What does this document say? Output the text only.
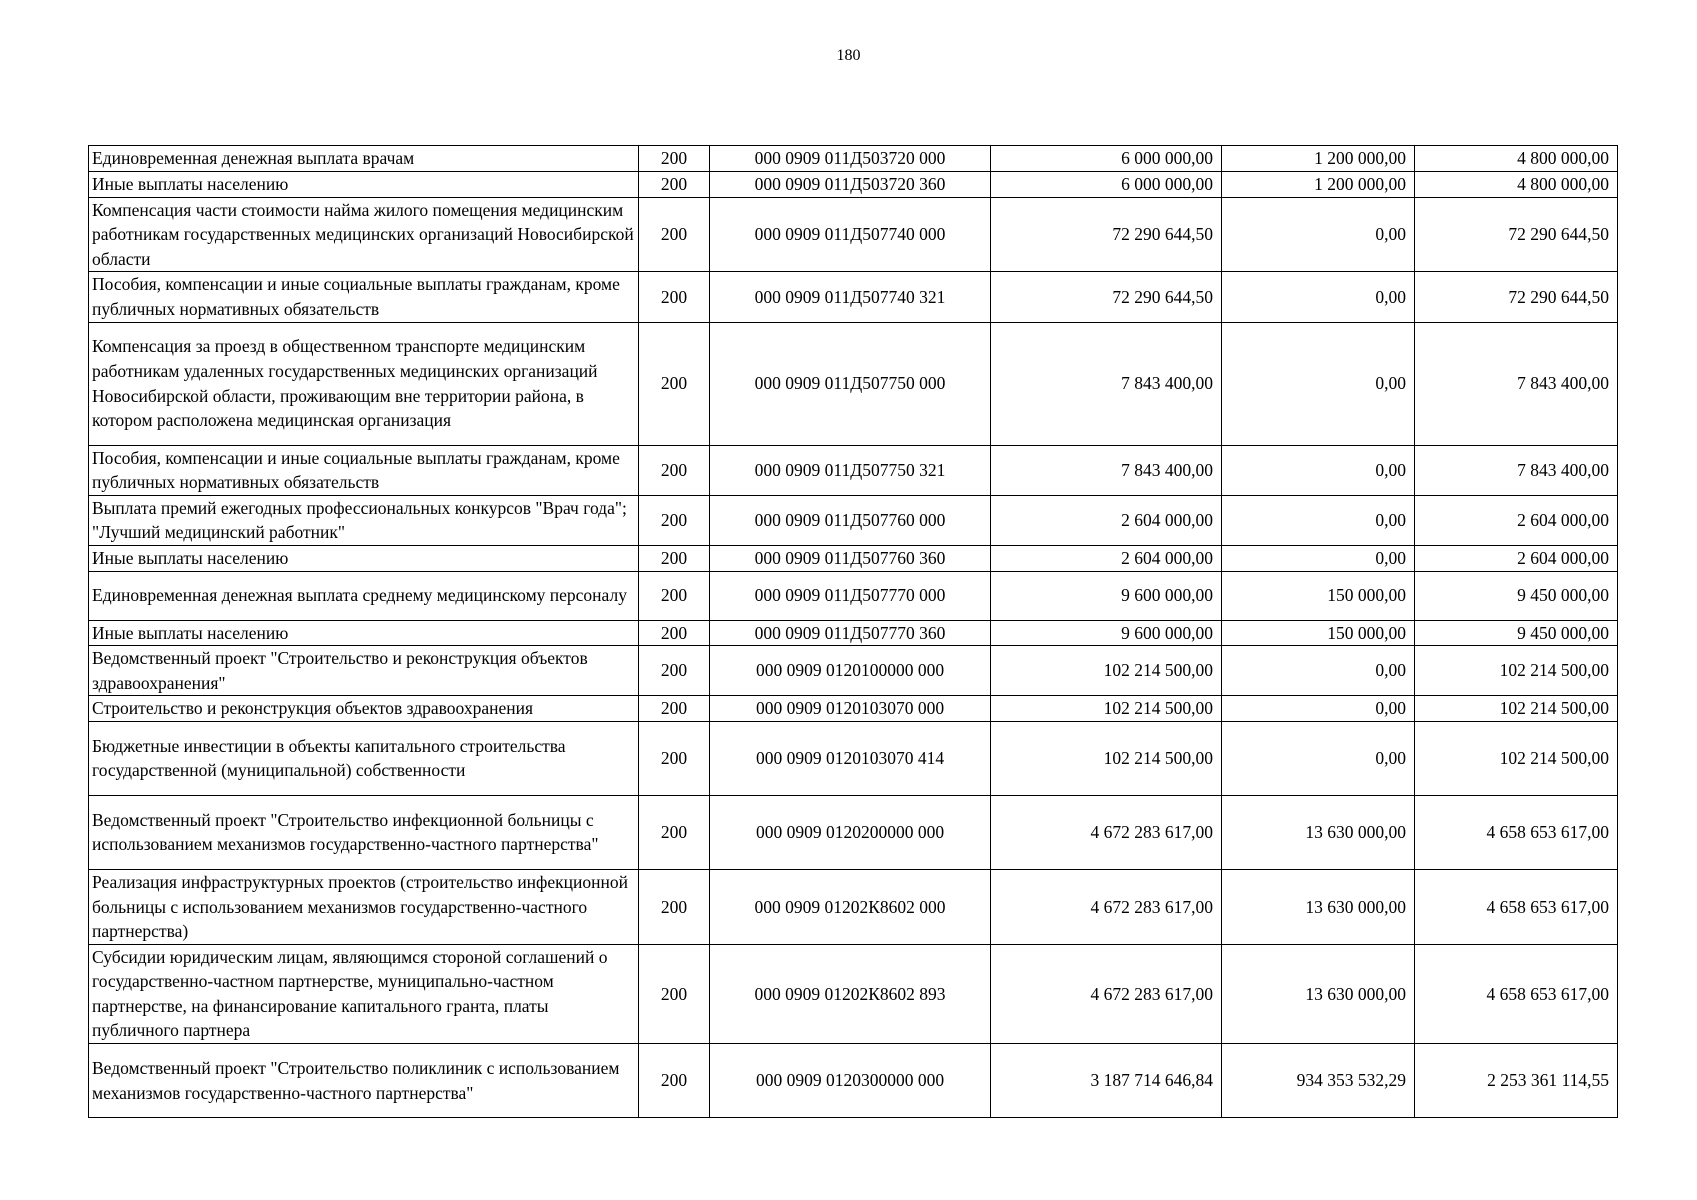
180
Единовременная денежная выплата врачам	200	000 0909 011Д503720 000	6 000 000,00	1 200 000,00	4 800 000,00
Иные выплаты населению	200	000 0909 011Д503720 360	6 000 000,00	1 200 000,00	4 800 000,00
Компенсация части стоимости найма жилого помещения медицинским работникам государственных медицинских организаций Новосибирской области	200	000 0909 011Д507740 000	72 290 644,50	0,00	72 290 644,50
Пособия, компенсации и иные социальные выплаты гражданам, кроме публичных нормативных обязательств	200	000 0909 011Д507740 321	72 290 644,50	0,00	72 290 644,50
Компенсация за проезд в общественном транспорте медицинским работникам удаленных государственных медицинских организаций Новосибирской области, проживающим вне территории района, в котором расположена медицинская организация	200	000 0909 011Д507750 000	7 843 400,00	0,00	7 843 400,00
Пособия, компенсации и иные социальные выплаты гражданам, кроме публичных нормативных обязательств	200	000 0909 011Д507750 321	7 843 400,00	0,00	7 843 400,00
Выплата премий ежегодных профессиональных конкурсов "Врач года"; "Лучший медицинский работник"	200	000 0909 011Д507760 000	2 604 000,00	0,00	2 604 000,00
Иные выплаты населению	200	000 0909 011Д507760 360	2 604 000,00	0,00	2 604 000,00
Единовременная денежная выплата среднему медицинскому персоналу	200	000 0909 011Д507770 000	9 600 000,00	150 000,00	9 450 000,00
Иные выплаты населению	200	000 0909 011Д507770 360	9 600 000,00	150 000,00	9 450 000,00
Ведомственный проект "Строительство и реконструкция объектов здравоохранения"	200	000 0909 0120100000 000	102 214 500,00	0,00	102 214 500,00
Строительство и реконструкция объектов здравоохранения	200	000 0909 0120103070 000	102 214 500,00	0,00	102 214 500,00
Бюджетные инвестиции в объекты капитального строительства государственной (муниципальной) собственности	200	000 0909 0120103070 414	102 214 500,00	0,00	102 214 500,00
Ведомственный проект "Строительство инфекционной больницы с использованием механизмов государственно-частного партнерства"	200	000 0909 0120200000 000	4 672 283 617,00	13 630 000,00	4 658 653 617,00
Реализация инфраструктурных проектов (строительство инфекционной больницы с использованием механизмов государственно-частного партнерства)	200	000 0909 01202К8602 000	4 672 283 617,00	13 630 000,00	4 658 653 617,00
Субсидии юридическим лицам, являющимся стороной соглашений о государственно-частном партнерстве, муниципально-частном партнерстве, на финансирование капитального гранта, платы публичного партнера	200	000 0909 01202К8602 893	4 672 283 617,00	13 630 000,00	4 658 653 617,00
Ведомственный проект "Строительство поликлиник с использованием механизмов государственно-частного партнерства"	200	000 0909 0120300000 000	3 187 714 646,84	934 353 532,29	2 253 361 114,55
